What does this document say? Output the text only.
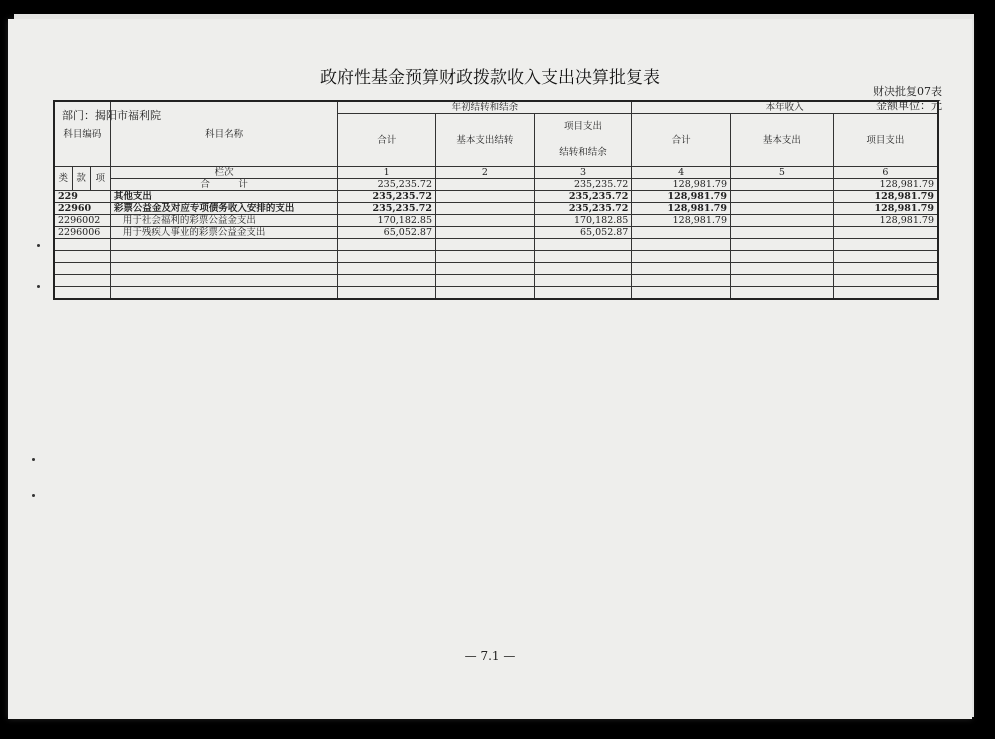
政府性基金预算财政拨款收入支出决算批复表
财决批复07表
金额单位：元
部门：揭阳市福利院
— 7.1 —
科目编码			科目名称	年初结转和结余			本年收入		
				合计	基本支出结转	项目支出
结转和结余	合计	基本支出	项目支出

类	款	项	栏次	1	2	3	4	5	6
			合　　　计	235,235.72		235,235.72	128,981.79		128,981.79
229			其他支出	235,235.72		235,235.72	128,981.79		128,981.79
22960			彩票公益金及对应专项债务收入安排的支出	235,235.72		235,235.72	128,981.79		128,981.79
2296002			用于社会福利的彩票公益金支出	170,182.85		170,182.85	128,981.79		128,981.79
2296006			用于残疾人事业的彩票公益金支出	65,052.87		65,052.87			
